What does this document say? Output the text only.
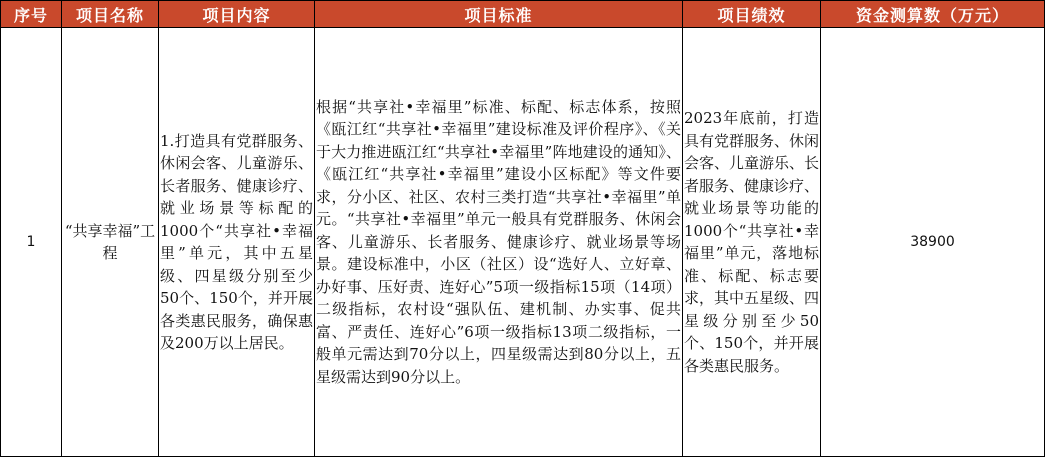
序号	项目名称	项目内容	项目标准	项目绩效	资金测算数（万元）
1	“共享幸福”工程	1.打造具有党群服务、休闲会客、儿童游乐、长者服务、健康诊疗、就业场景等标配的1000个“共享社•幸福里”单元，其中五星级、四星级分别至少50个、150个，并开展各类惠民服务，确保惠及200万以上居民。	根据“共享社•幸福里”标准、标配、标志体系，按照《瓯江红“共享社•幸福里”建设标准及评价程序》、《关于大力推进瓯江红“共享社•幸福里”阵地建设的通知》、《瓯江红“共享社•幸福里”建设小区标配》等文件要求，分小区、社区、农村三类打造“共享社•幸福里”单元。“共享社•幸福里”单元一般具有党群服务、休闲会客、儿童游乐、长者服务、健康诊疗、就业场景等场景。建设标准中，小区（社区）设“选好人、立好章、办好事、压好责、连好心”5项一级指标15项（14项）二级指标，农村设“强队伍、建机制、办实事、促共富、严责任、连好心”6项一级指标13项二级指标，一般单元需达到70分以上，四星级需达到80分以上，五星级需达到90分以上。	2023年底前，打造具有党群服务、休闲会客、儿童游乐、长者服务、健康诊疗、就业场景等功能的1000个“共享社•幸福里”单元，落地标准、标配、标志要求，其中五星级、四星级分别至少50个、150个，并开展各类惠民服务。	38900
